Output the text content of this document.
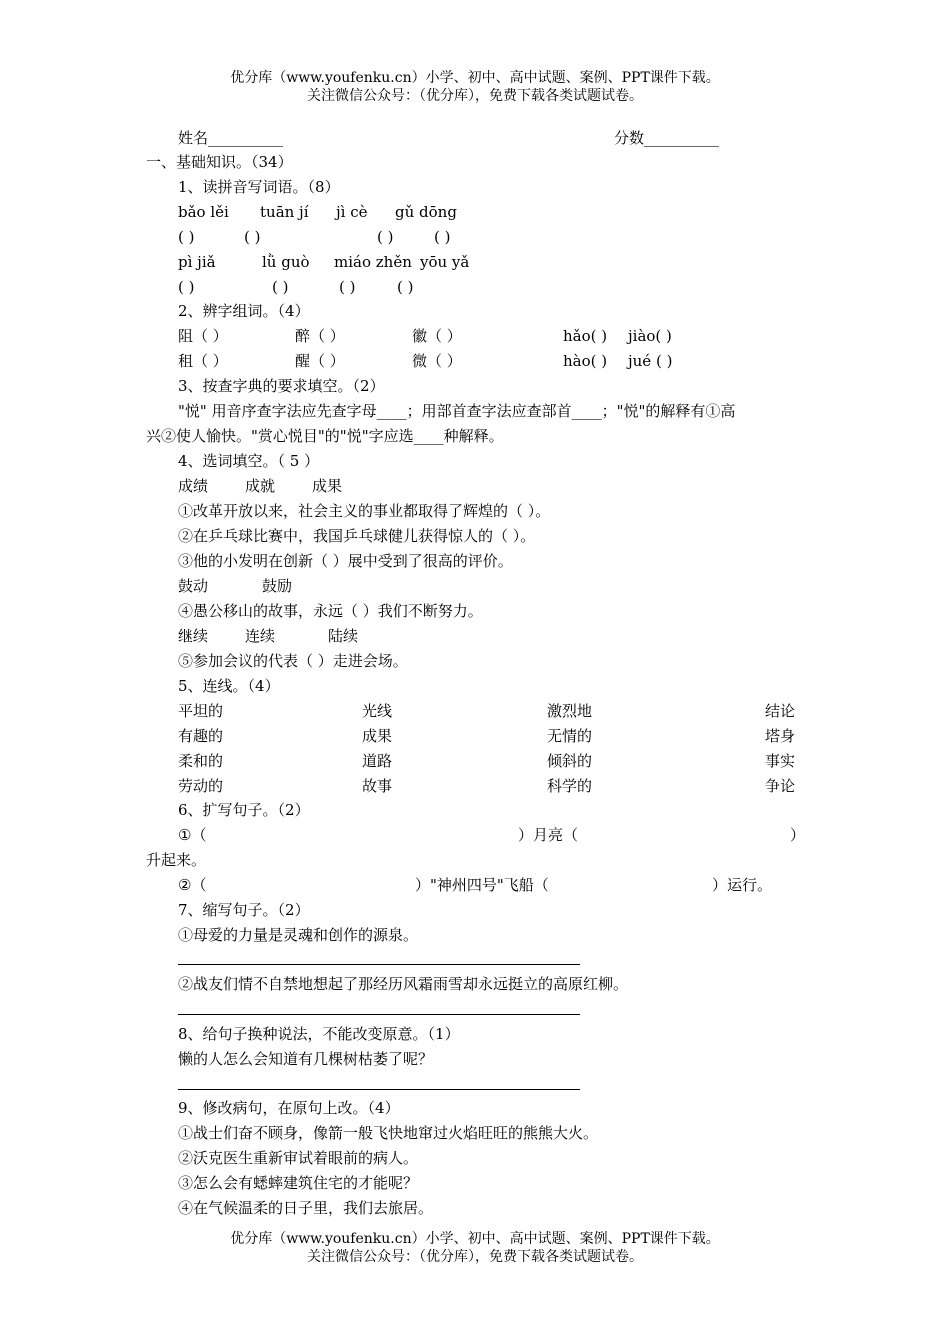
优分库（www.youfenku.cn）小学、初中、高中试题、案例、PPT课件下载。
关注微信公众号：（优分库），免费下载各类试题试卷。
姓名__________	分数__________
一、基础知识。（34）
1、读拼音写词语。（8）
bǎo lěi tuān jí jì cè gǔ dōng
( )	( )	( )	( )
pì jiǎ	lǜ guò miáo zhěn yōu yǎ
( )	( )	( )	( )
2、辨字组词。（4）
阻（ ）	醉（ ）	徽（ ）	hǎo( ) jiào( )
租（ ）	醒（ ）	微（ ）	hào( ) jué ( )
3、按查字典的要求填空。（2）
"悦" 用音序查字法应先查字母____；用部首查字法应查部首____；"悦"的解释有①高
兴②使人愉快。"赏心悦目"的"悦"字应选____种解释。
4、选词填空。（ 5 ）
成绩 成就 成果
①改革开放以来，社会主义的事业都取得了辉煌的（ ）。
②在乒乓球比赛中，我国乒乓球健儿获得惊人的（ ）。
③他的小发明在创新（ ）展中受到了很高的评价。
鼓动	鼓励
④愚公移山的故事，永远（ ）我们不断努力。
继续 连续	陆续
⑤参加会议的代表（ ）走进会场。
5、连线。（4）
平坦的	光线	激烈地	结论
有趣的	成果	无情的	塔身
柔和的	道路	倾斜的	事实
劳动的	故事	科学的	争论
6、扩写句子。（2）
①（	）月亮（	）
升起来。
②（	）"神州四号"飞船（	）运行。
7、缩写句子。（2）
①母爱的力量是灵魂和创作的源泉。
②战友们情不自禁地想起了那经历风霜雨雪却永远挺立的高原红柳。
8、给句子换种说法，不能改变原意。（1）
懒的人怎么会知道有几棵树枯萎了呢？
9、修改病句，在原句上改。（4）
①战士们奋不顾身，像箭一般飞快地窜过火焰旺旺的熊熊大火。
②沃克医生重新审试着眼前的病人。
③怎么会有蟋蟀建筑住宅的才能呢？
④在气候温柔的日子里，我们去旅居。
优分库（www.youfenku.cn）小学、初中、高中试题、案例、PPT课件下载。
关注微信公众号：（优分库），免费下载各类试题试卷。
